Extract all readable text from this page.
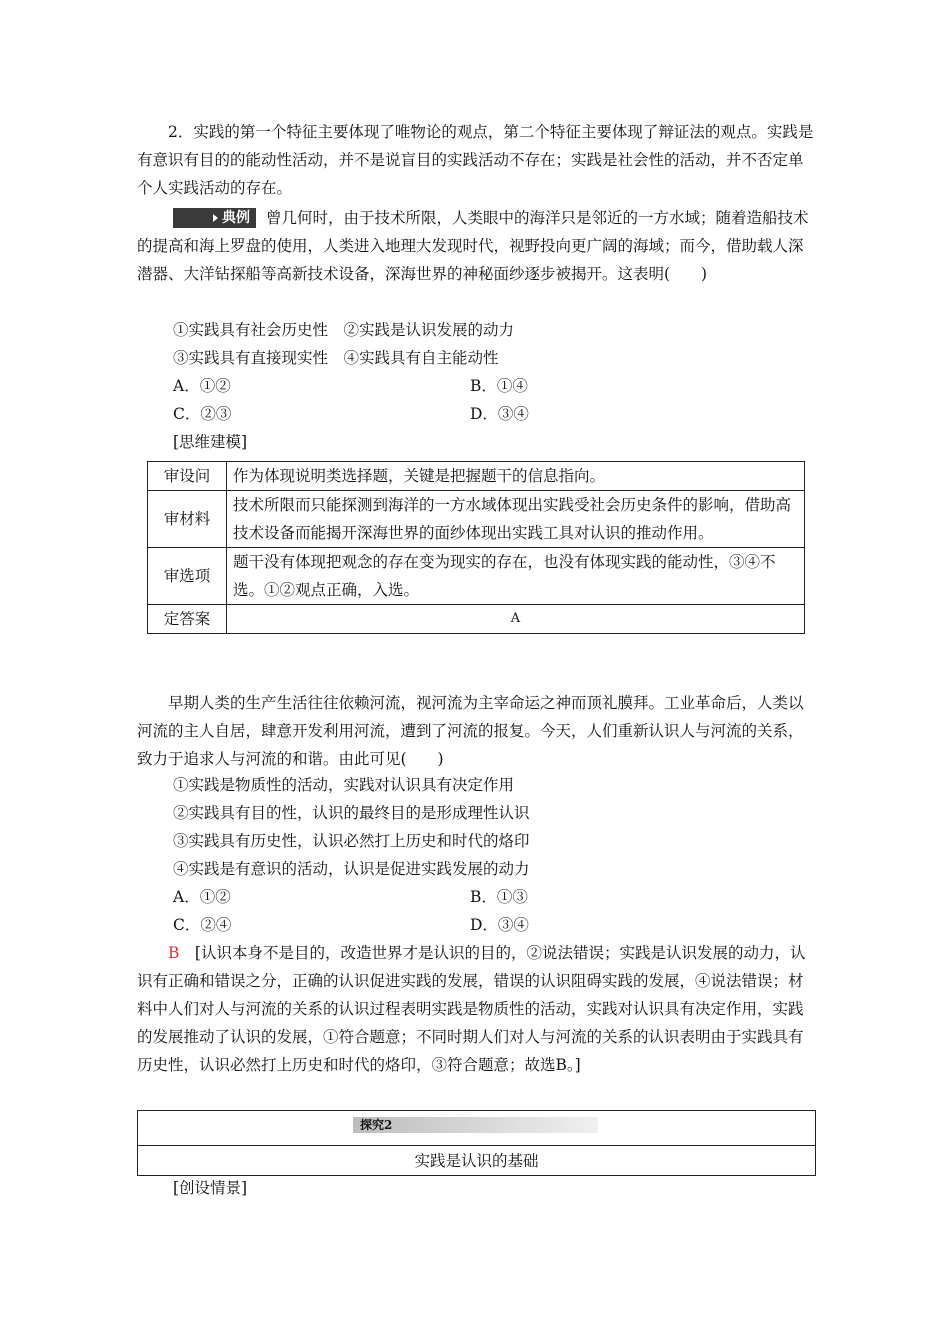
2．实践的第一个特征主要体现了唯物论的观点，第二个特征主要体现了辩证法的观点。实践是有意识有目的的能动性活动，并不是说盲目的实践活动不存在；实践是社会性的活动，并不否定单个人实践活动的存在。

典例 曾几何时，由于技术所限，人类眼中的海洋只是邻近的一方水域；随着造船技术的提高和海上罗盘的使用，人类进入地理大发现时代，视野投向更广阔的海域；而今，借助载人深潜器、大洋钻探船等高新技术设备，深海世界的神秘面纱逐步被揭开。这表明(　　)

①实践具有社会历史性　②实践是认识发展的动力
③实践具有直接现实性　④实践具有自主能动性
A．①②	B．①④
C．②③	D．③④
[思维建模]
审设问	作为体现说明类选择题，关键是把握题干的信息指向。
审材料	技术所限而只能探测到海洋的一方水域体现出实践受社会历史条件的影响，借助高技术设备而能揭开深海世界的面纱体现出实践工具对认识的推动作用。
审选项	题干没有体现把观念的存在变为现实的存在，也没有体现实践的能动性，③④不选。①②观点正确，入选。
定答案	A

早期人类的生产生活往往依赖河流，视河流为主宰命运之神而顶礼膜拜。工业革命后，人类以河流的主人自居，肆意开发利用河流，遭到了河流的报复。今天，人们重新认识人与河流的关系，致力于追求人与河流的和谐。由此可见(　　)

①实践是物质性的活动，实践对认识具有决定作用
②实践具有目的性，认识的最终目的是形成理性认识
③实践具有历史性，认识必然打上历史和时代的烙印
④实践是有意识的活动，认识是促进实践发展的动力
A．①②	B．①③
C．②④	D．③④

B　 [认识本身不是目的，改造世界才是认识的目的，②说法错误；实践是认识发展的动力，认识有正确和错误之分，正确的认识促进实践的发展，错误的认识阻碍实践的发展，④说法错误；材料中人们对人与河流的关系的认识过程表明实践是物质性的活动，实践对认识具有决定作用，实践的发展推动了认识的发展，①符合题意；不同时期人们对人与河流的关系的认识表明由于实践具有历史性，认识必然打上历史和时代的烙印，③符合题意；故选B。]

探究2
实践是认识的基础
[创设情景]
